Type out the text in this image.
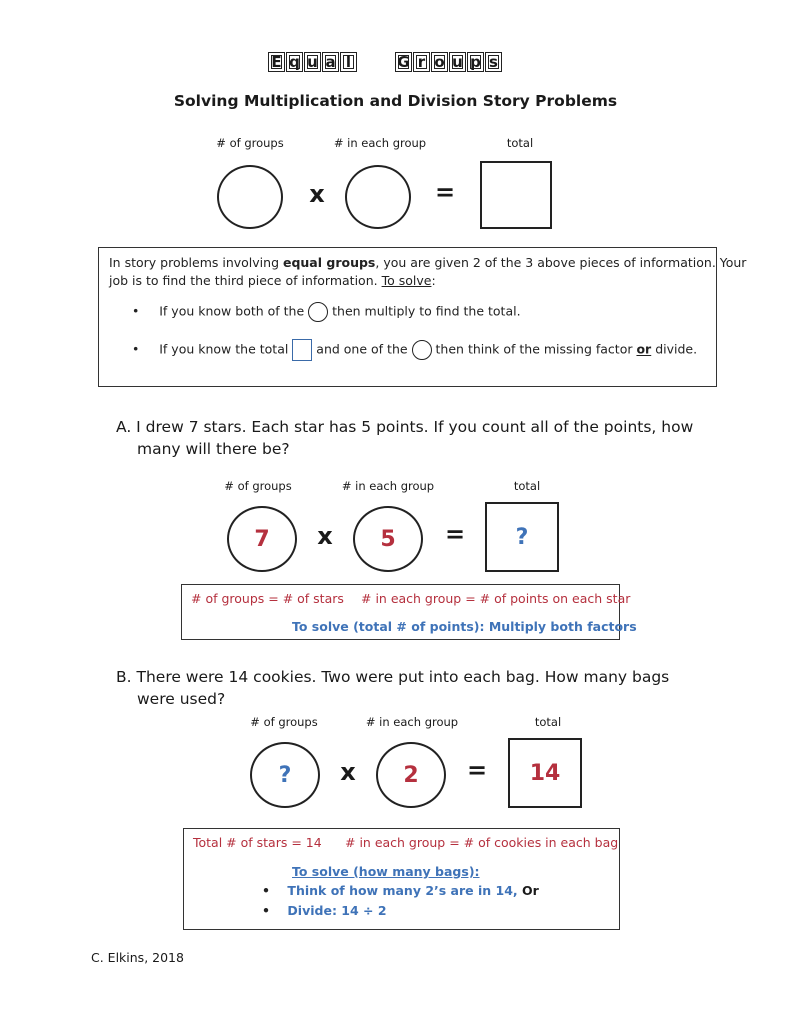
E q u a l	G r o u p s
Solving Multiplication and Division Story Problems
# of groups	# in each group	total
x	=
In story problems involving equal groups, you are given 2 of the 3 above pieces of information. Your
job is to find the third piece of information. To solve:
• If you know both of the then multiply to find the total.
• If you know the total and one of the then think of the missing factor or divide.
A. I drew 7 stars. Each star has 5 points. If you count all of the points, how
many will there be?
# of groups	# in each group	total
7	x	5	=	?
# of groups = # of stars # in each group = # of points on each star
To solve (total # of points): Multiply both factors
B. There were 14 cookies. Two were put into each bag. How many bags
were used?
# of groups	# in each group	total
?	x	2	=	14
Total # of stars = 14 # in each group = # of cookies in each bag
To solve (how many bags):
• Think of how many 2’s are in 14, Or
• Divide: 14 ÷ 2
C. Elkins, 2018
